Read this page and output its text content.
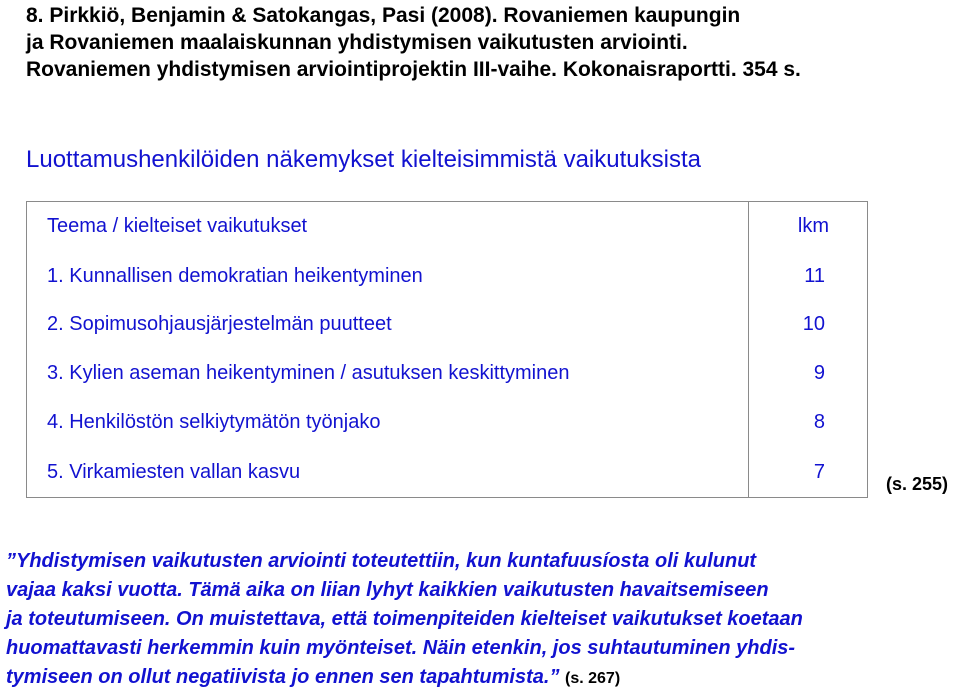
8. Pirkkiö, Benjamin & Satokangas, Pasi (2008). Rovaniemen kaupungin
ja Rovaniemen maalaiskunnan yhdistymisen vaikutusten arviointi.
Rovaniemen yhdistymisen arviointiprojektin III-vaihe. Kokonaisraportti. 354 s.
Luottamushenkilöiden näkemykset kielteisimmistä vaikutuksista
Teema / kielteiset vaikutukset	lkm
1. Kunnallisen demokratian heikentyminen	11
2. Sopimusohjausjärjestelmän puutteet	10
3. Kylien aseman heikentyminen / asutuksen keskittyminen	9
4. Henkilöstön selkiytymätön työnjako	8
5. Virkamiesten vallan kasvu	7
(s. 255)
”Yhdistymisen vaikutusten arviointi toteutettiin, kun kuntafuusíosta oli kulunut
vajaa kaksi vuotta. Tämä aika on liian lyhyt kaikkien vaikutusten havaitsemiseen
ja toteutumiseen. On muistettava, että toimenpiteiden kielteiset vaikutukset koetaan
huomattavasti herkemmin kuin myönteiset. Näin etenkin, jos suhtautuminen yhdis-
tymiseen on ollut negatiivista jo ennen sen tapahtumista.” (s. 267)
